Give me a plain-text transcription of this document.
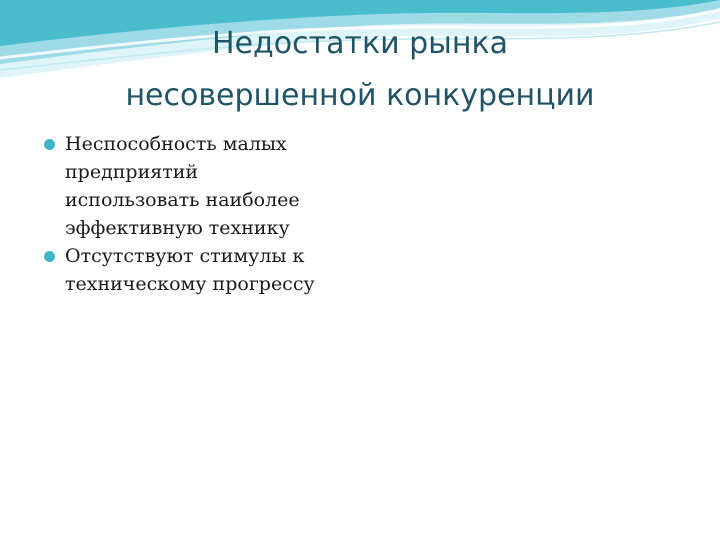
Недостатки рынка
несовершенной конкуренции
Неспособность малых
предприятий
использовать наиболее
эффективную технику
Отсутствуют стимулы к
техническому прогрессу
